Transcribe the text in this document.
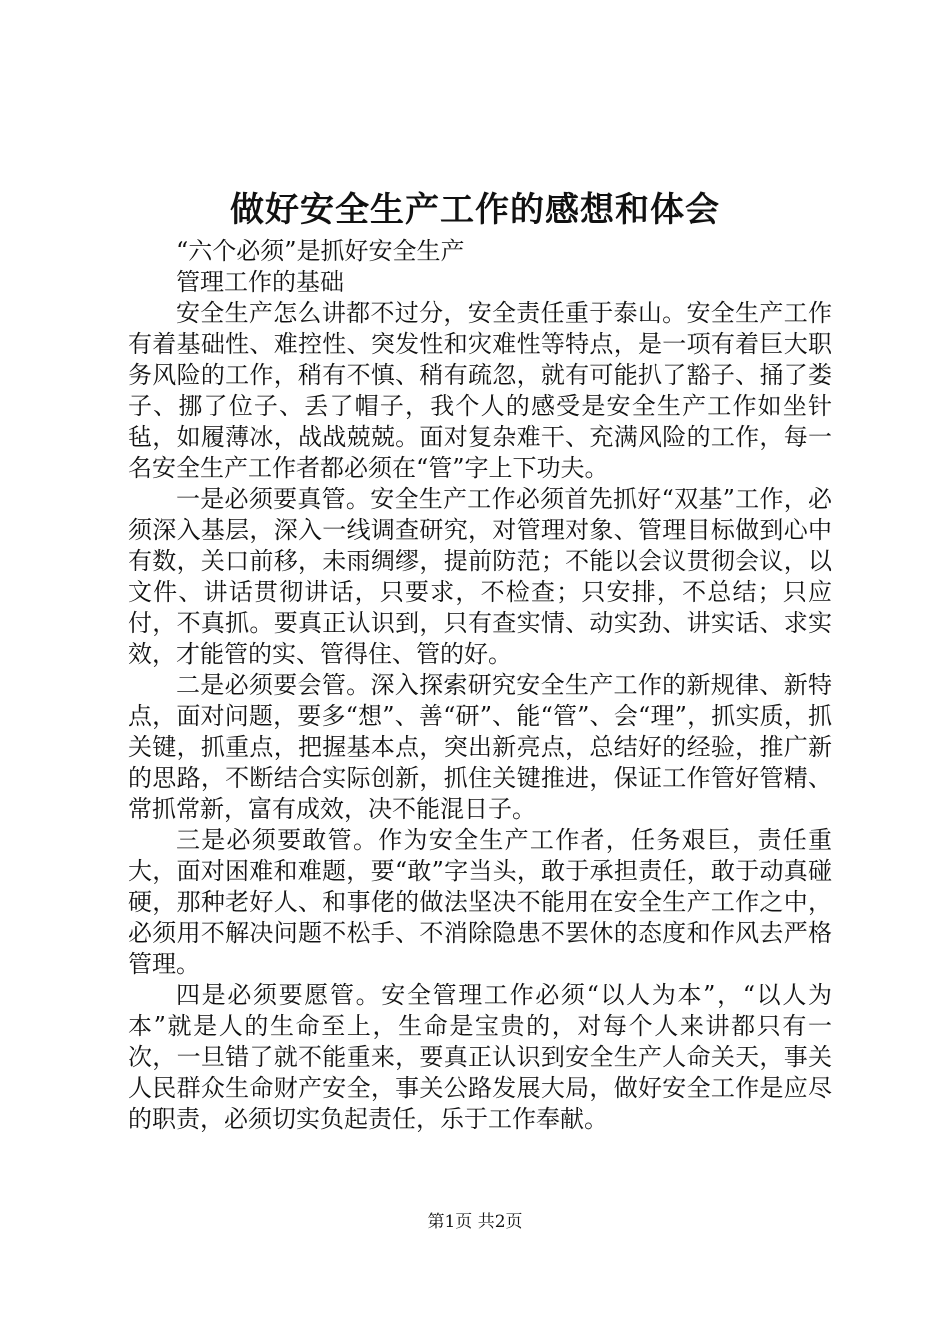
做好安全生产工作的感想和体会
“六个必须”是抓好安全生产
管理工作的基础

安全生产怎么讲都不过分，安全责任重于泰山。安全生产工作有着基础性、难控性、突发性和灾难性等特点，是一项有着巨大职务风险的工作，稍有不慎、稍有疏忽，就有可能扒了豁子、捅了娄子、挪了位子、丢了帽子，我个人的感受是安全生产工作如坐针毡，如履薄冰，战战兢兢。面对复杂难干、充满风险的工作，每一名安全生产工作者都必须在“管”字上下功夫。

一是必须要真管。安全生产工作必须首先抓好“双基”工作，必须深入基层，深入一线调查研究，对管理对象、管理目标做到心中有数，关口前移，未雨绸缪，提前防范；不能以会议贯彻会议，以文件、讲话贯彻讲话，只要求，不检查；只安排，不总结；只应付，不真抓。要真正认识到，只有查实情、动实劲、讲实话、求实效，才能管的实、管得住、管的好。

二是必须要会管。深入探索研究安全生产工作的新规律、新特点，面对问题，要多“想”、善“研”、能“管”、会“理”，抓实质，抓关键，抓重点，把握基本点，突出新亮点，总结好的经验，推广新的思路，不断结合实际创新，抓住关键推进，保证工作管好管精、常抓常新，富有成效，决不能混日子。

三是必须要敢管。作为安全生产工作者，任务艰巨，责任重大，面对困难和难题，要“敢”字当头，敢于承担责任，敢于动真碰硬，那种老好人、和事佬的做法坚决不能用在安全生产工作之中，必须用不解决问题不松手、不消除隐患不罢休的态度和作风去严格管理。

四是必须要愿管。安全管理工作必须“以人为本”，“以人为本”就是人的生命至上，生命是宝贵的，对每个人来讲都只有一次，一旦错了就不能重来，要真正认识到安全生产人命关天，事关人民群众生命财产安全，事关公路发展大局，做好安全工作是应尽的职责，必须切实负起责任，乐于工作奉献。

第1页 共2页
